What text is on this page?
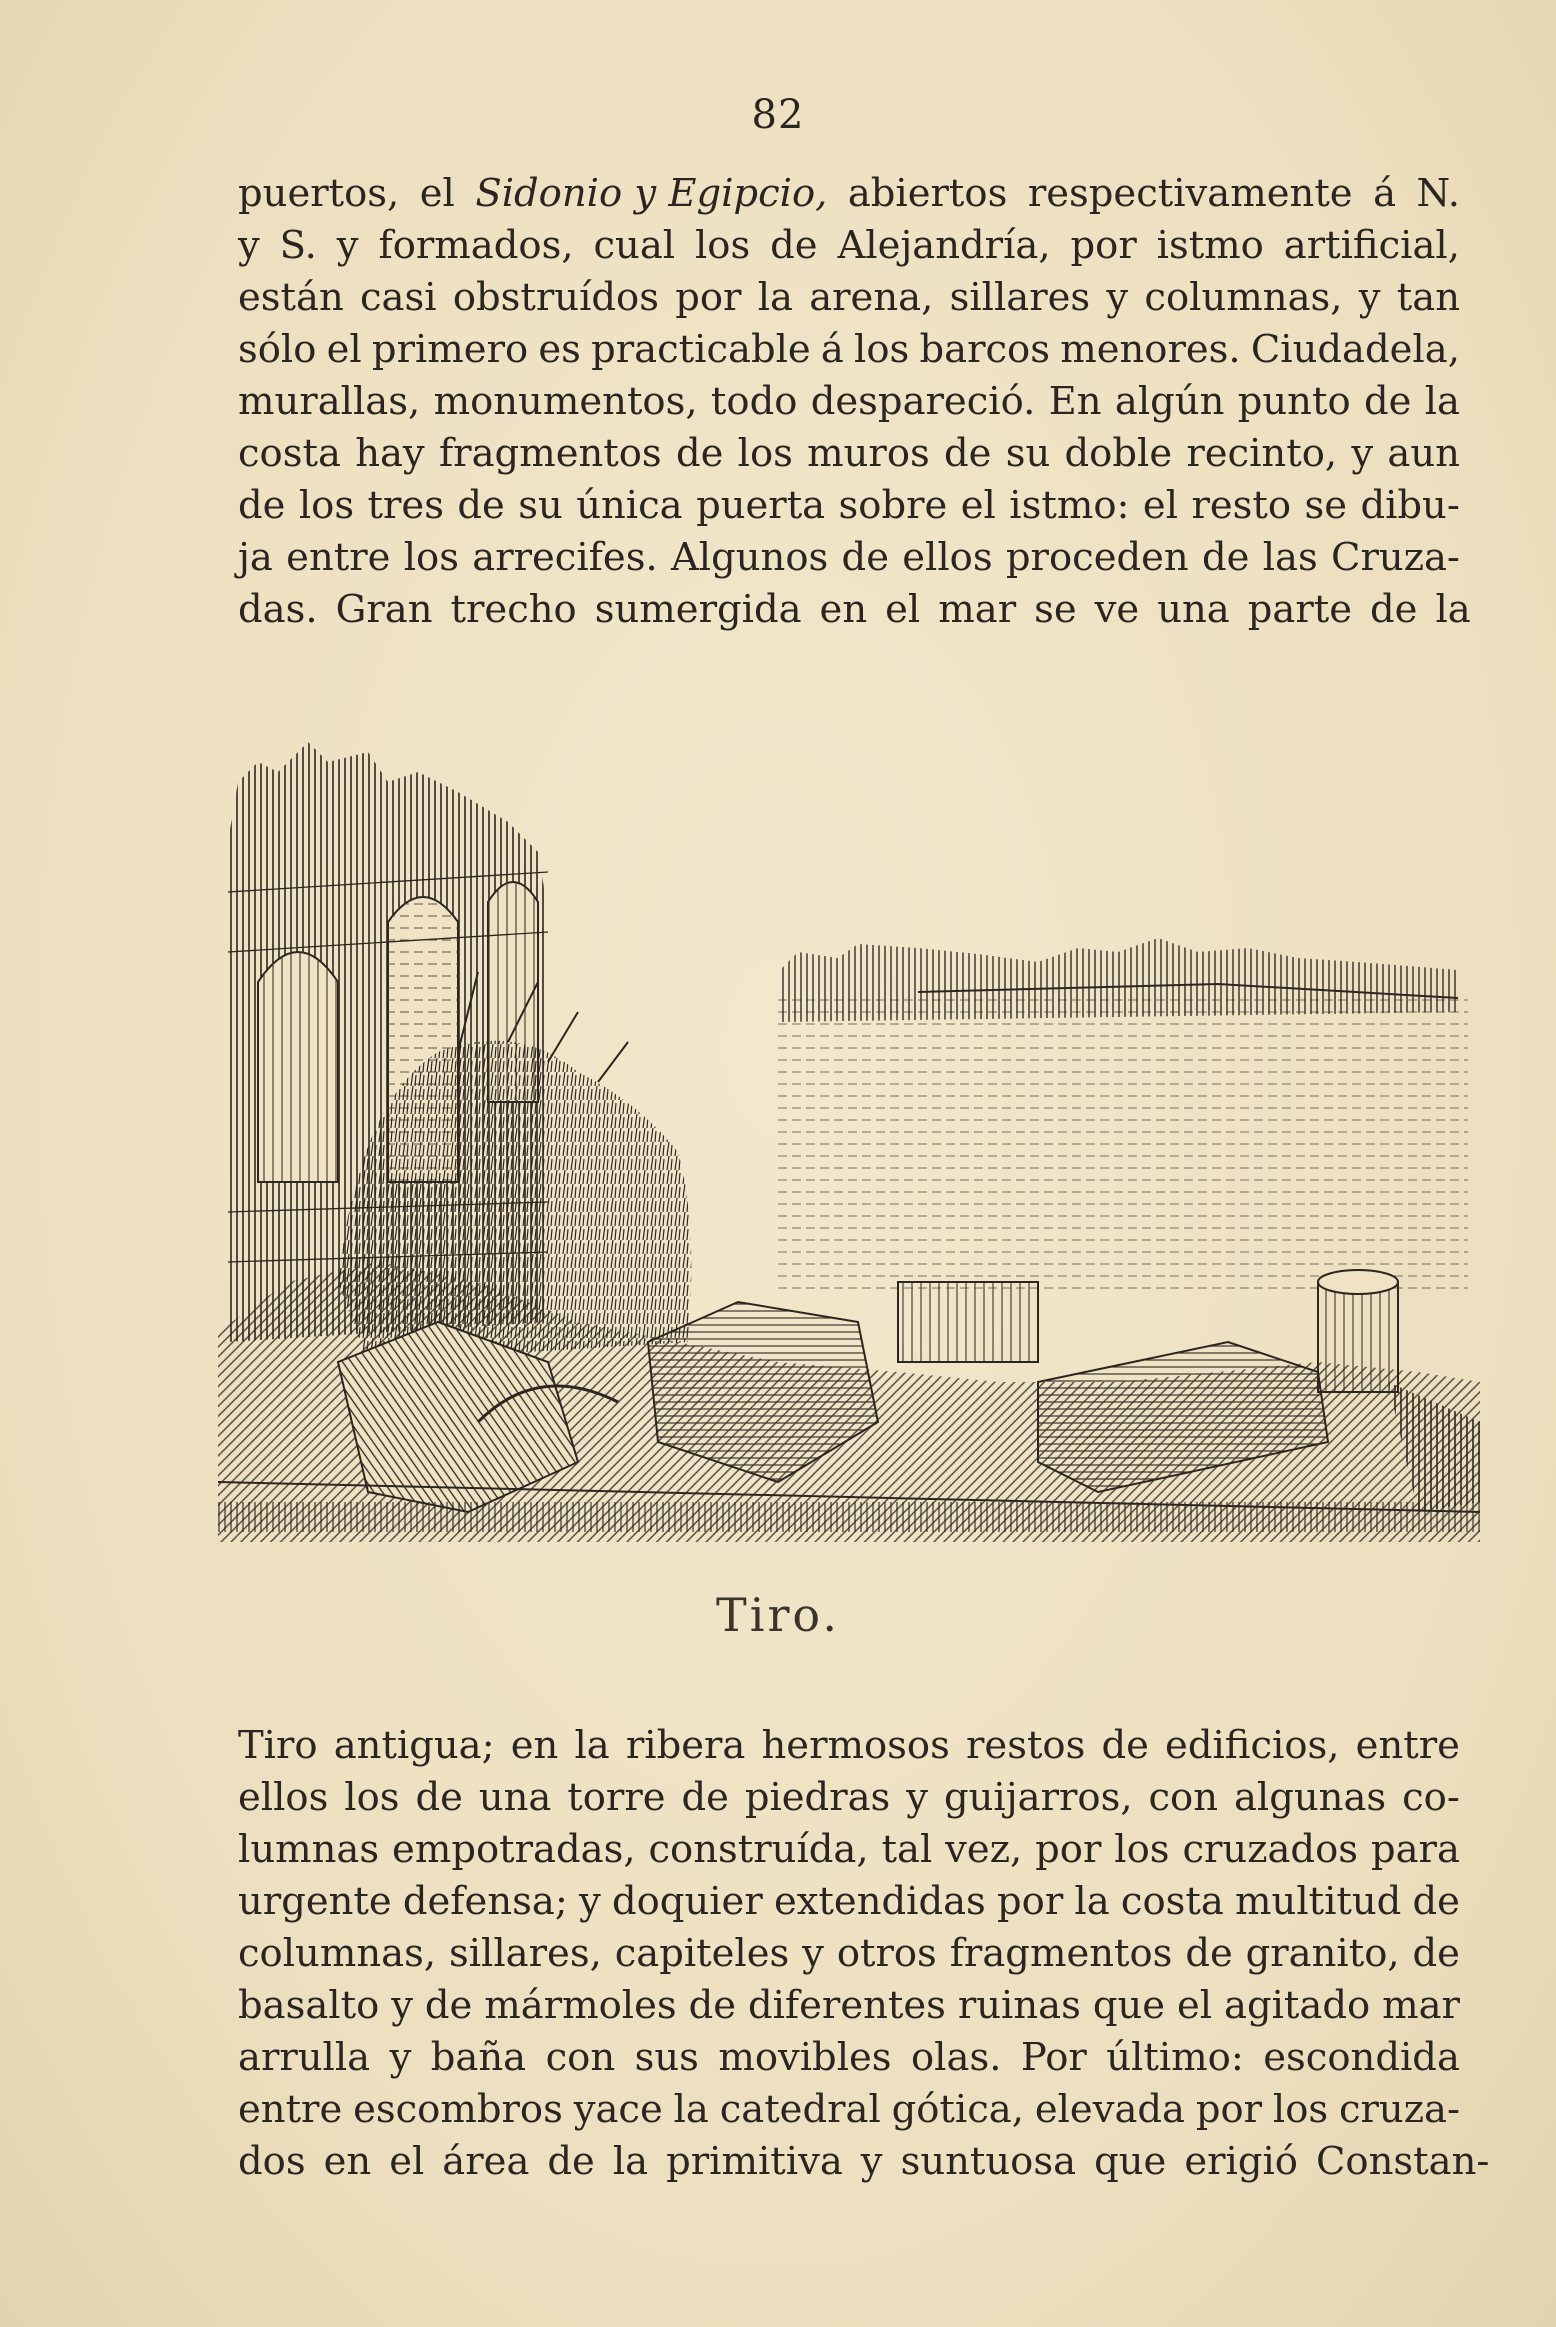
82
puertos, el Sidonio y Egipcio, abiertos respectivamente á N.
y S. y formados, cual los de Alejandría, por istmo artificial,
están casi obstruídos por la arena, sillares y columnas, y tan
sólo el primero es practicable á los barcos menores. Ciudadela,
murallas, monumentos, todo despareció. En algún punto de la
costa hay fragmentos de los muros de su doble recinto, y aun
de los tres de su única puerta sobre el istmo: el resto se dibu-
ja entre los arrecifes. Algunos de ellos proceden de las Cruza-
das. Gran trecho sumergida en el mar se ve una parte de la
Tiro.
Tiro antigua; en la ribera hermosos restos de edificios, entre
ellos los de una torre de piedras y guijarros, con algunas co-
lumnas empotradas, construída, tal vez, por los cruzados para
urgente defensa; y doquier extendidas por la costa multitud de
columnas, sillares, capiteles y otros fragmentos de granito, de
basalto y de mármoles de diferentes ruinas que el agitado mar
arrulla y baña con sus movibles olas. Por último: escondida
entre escombros yace la catedral gótica, elevada por los cruza-
dos en el área de la primitiva y suntuosa que erigió Constan-
